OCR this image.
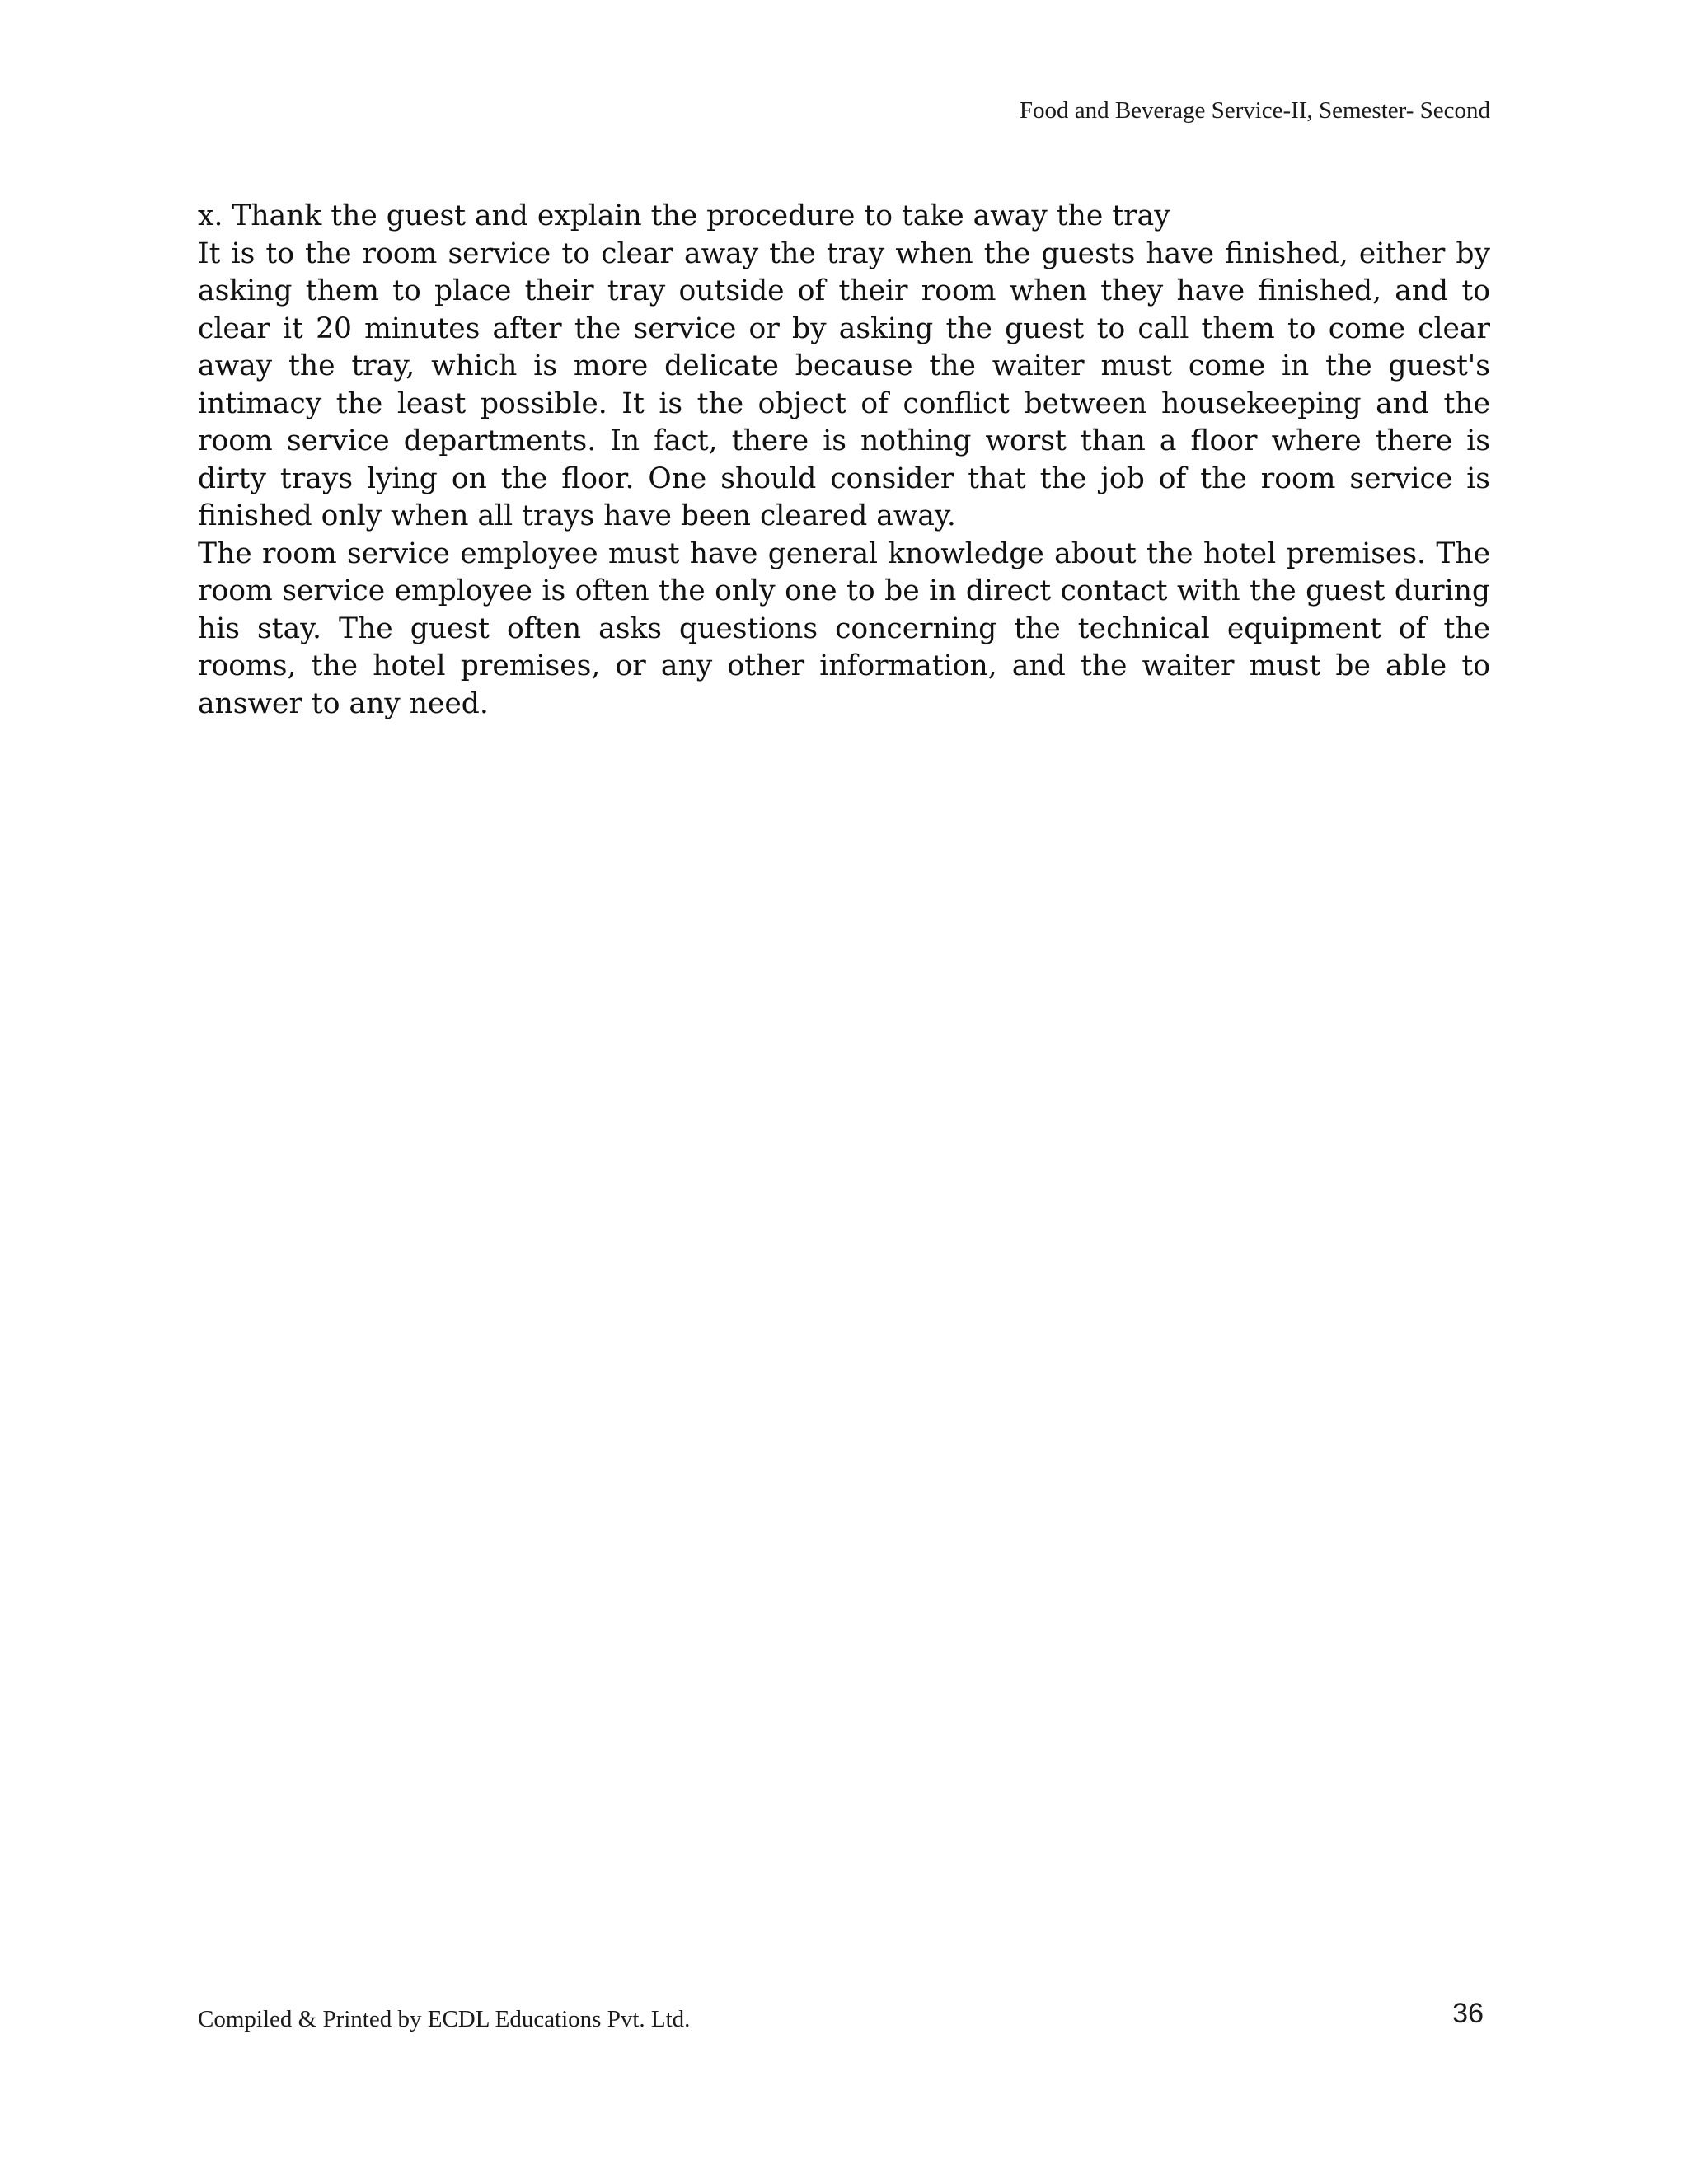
Food and Beverage Service-II, Semester- Second

x. Thank the guest and explain the procedure to take away the tray

It is to the room service to clear away the tray when the guests have finished, either by asking them to place their tray outside of their room when they have finished, and to clear it 20 minutes after the service or by asking the guest to call them to come clear away the tray, which is more delicate because the waiter must come in the guest's intimacy the least possible. It is the object of conflict between housekeeping and the room service departments. In fact, there is nothing worst than a floor where there is dirty trays lying on the floor. One should consider that the job of the room service is finished only when all trays have been cleared away.

The room service employee must have general knowledge about the hotel premises. The room service employee is often the only one to be in direct contact with the guest during his stay. The guest often asks questions concerning the technical equipment of the rooms, the hotel premises, or any other information, and the waiter must be able to answer to any need.

Compiled & Printed by ECDL Educations Pvt. Ltd.	36
